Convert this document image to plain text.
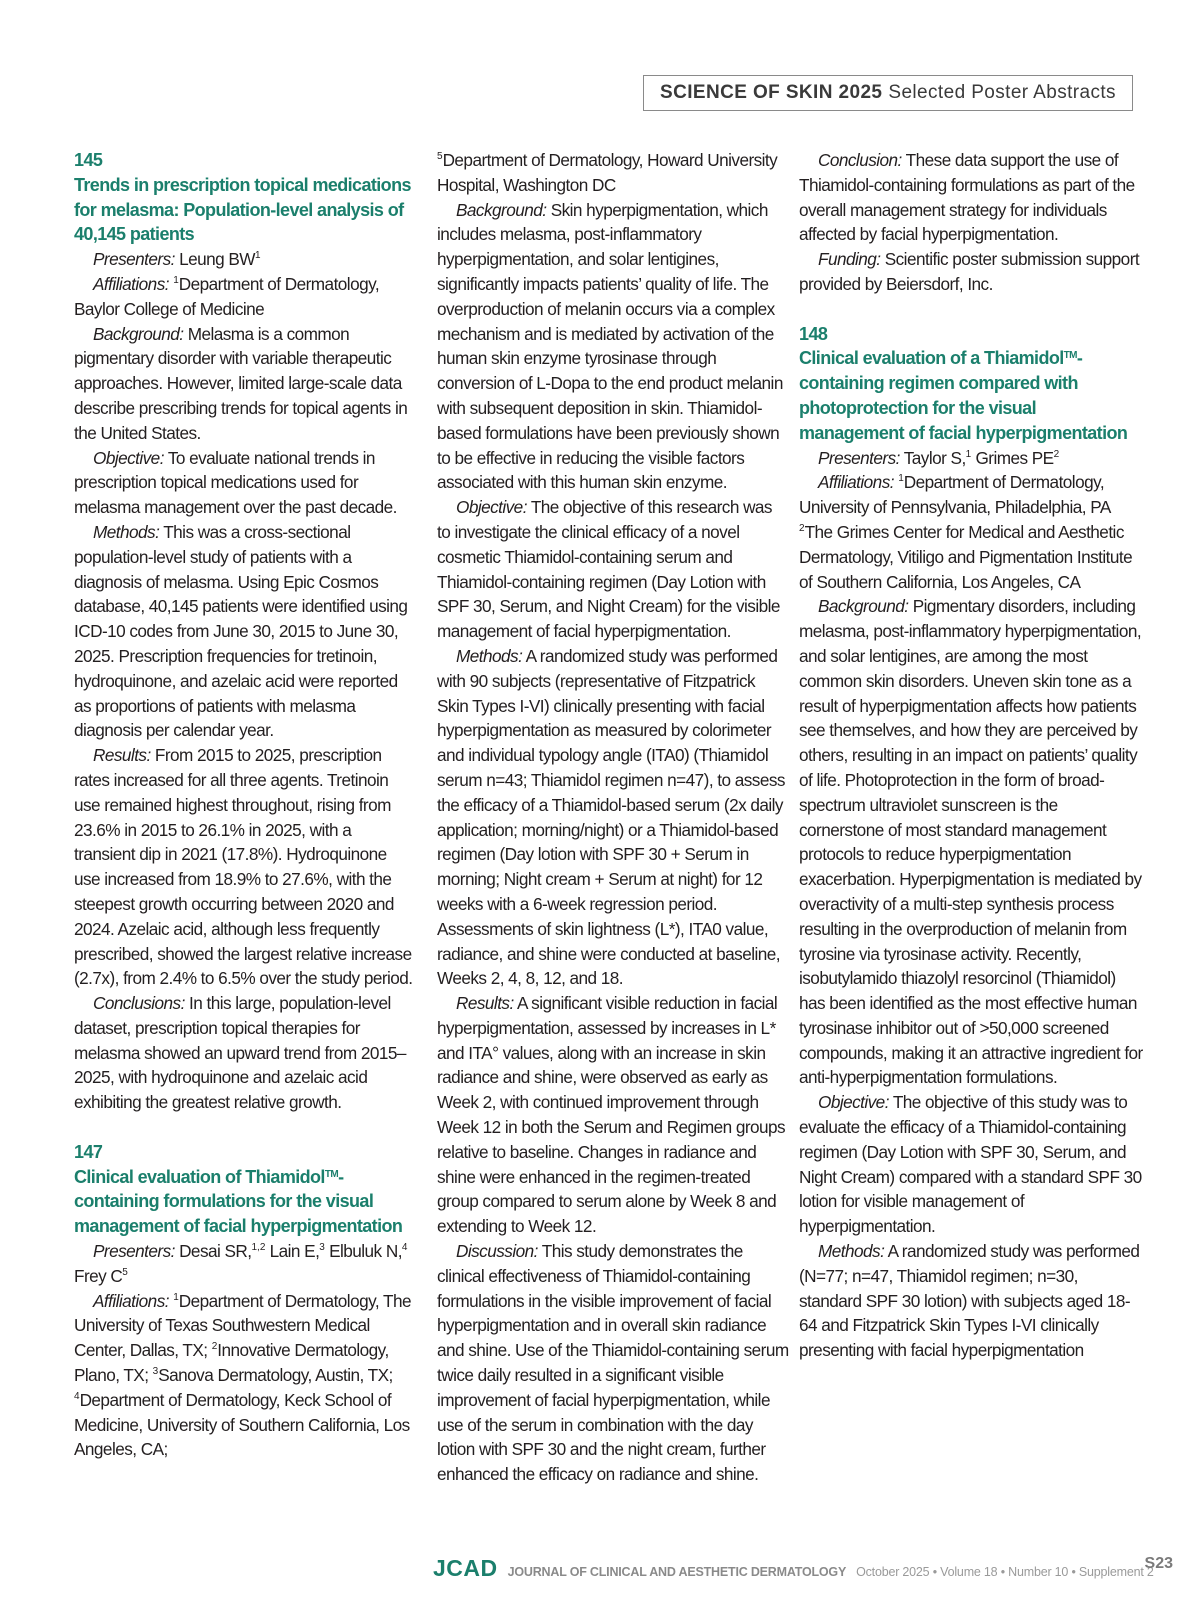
SCIENCE OF SKIN 2025 Selected Poster Abstracts

145

Trends in prescription topical medications for melasma: Population-level analysis of 40,145 patients

Presenters: Leung BW$^1$

Affiliations: $^1$Department of Dermatology, Baylor College of Medicine

Background: Melasma is a common pigmentary disorder with variable therapeutic approaches. However, limited large-scale data describe prescribing trends for topical agents in the United States.

Objective: To evaluate national trends in prescription topical medications used for melasma management over the past decade.

Methods: This was a cross-sectional population-level study of patients with a diagnosis of melasma. Using Epic Cosmos database, 40,145 patients were identified using ICD-10 codes from June 30, 2015 to June 30, 2025. Prescription frequencies for tretinoin, hydroquinone, and azelaic acid were reported as proportions of patients with melasma diagnosis per calendar year.

Results: From 2015 to 2025, prescription rates increased for all three agents. Tretinoin use remained highest throughout, rising from 23.6% in 2015 to 26.1% in 2025, with a transient dip in 2021 (17.8%). Hydroquinone use increased from 18.9% to 27.6%, with the steepest growth occurring between 2020 and 2024. Azelaic acid, although less frequently prescribed, showed the largest relative increase (2.7x), from 2.4% to 6.5% over the study period.

Conclusions: In this large, population-level dataset, prescription topical therapies for melasma showed an upward trend from 2015–2025, with hydroquinone and azelaic acid exhibiting the greatest relative growth.

147

Clinical evaluation of Thiamidol™-containing formulations for the visual management of facial hyperpigmentation

Presenters: Desai SR,$^{1,2}$ Lain E,$^3$ Elbuluk N,$^4$ Frey C$^5$

Affiliations: $^1$Department of Dermatology, The University of Texas Southwestern Medical Center, Dallas, TX; $^2$Innovative Dermatology, Plano, TX; $^3$Sanova Dermatology, Austin, TX; $^4$Department of Dermatology, Keck School of Medicine, University of Southern California, Los Angeles, CA;

$^5$Department of Dermatology, Howard University Hospital, Washington DC

Background: Skin hyperpigmentation, which includes melasma, post-inflammatory hyperpigmentation, and solar lentigines, significantly impacts patients’ quality of life. The overproduction of melanin occurs via a complex mechanism and is mediated by activation of the human skin enzyme tyrosinase through conversion of L-Dopa to the end product melanin with subsequent deposition in skin. Thiamidol-based formulations have been previously shown to be effective in reducing the visible factors associated with this human skin enzyme.

Objective: The objective of this research was to investigate the clinical efficacy of a novel cosmetic Thiamidol-containing serum and Thiamidol-containing regimen (Day Lotion with SPF 30, Serum, and Night Cream) for the visible management of facial hyperpigmentation.

Methods: A randomized study was performed with 90 subjects (representative of Fitzpatrick Skin Types I-VI) clinically presenting with facial hyperpigmentation as measured by colorimeter and individual typology angle (ITA0) (Thiamidol serum n=43; Thiamidol regimen n=47), to assess the efficacy of a Thiamidol-based serum (2x daily application; morning/night) or a Thiamidol-based regimen (Day lotion with SPF 30 + Serum in morning; Night cream + Serum at night) for 12 weeks with a 6-week regression period. Assessments of skin lightness (L*), ITA0 value, radiance, and shine were conducted at baseline, Weeks 2, 4, 8, 12, and 18.

Results: A significant visible reduction in facial hyperpigmentation, assessed by increases in L* and ITA° values, along with an increase in skin radiance and shine, were observed as early as Week 2, with continued improvement through Week 12 in both the Serum and Regimen groups relative to baseline. Changes in radiance and shine were enhanced in the regimen-treated group compared to serum alone by Week 8 and extending to Week 12.

Discussion: This study demonstrates the clinical effectiveness of Thiamidol-containing formulations in the visible improvement of facial hyperpigmentation and in overall skin radiance and shine. Use of the Thiamidol-containing serum twice daily resulted in a significant visible improvement of facial hyperpigmentation, while use of the serum in combination with the day lotion with SPF 30 and the night cream, further enhanced the efficacy on radiance and shine.

Conclusion: These data support the use of Thiamidol-containing formulations as part of the overall management strategy for individuals affected by facial hyperpigmentation.

Funding: Scientific poster submission support provided by Beiersdorf, Inc.

148

Clinical evaluation of a Thiamidol™-containing regimen compared with photoprotection for the visual management of facial hyperpigmentation

Presenters: Taylor S,$^1$ Grimes PE$^2$

Affiliations: $^1$Department of Dermatology, University of Pennsylvania, Philadelphia, PA
$^2$The Grimes Center for Medical and Aesthetic Dermatology, Vitiligo and Pigmentation Institute of Southern California, Los Angeles, CA

Background: Pigmentary disorders, including melasma, post-inflammatory hyperpigmentation, and solar lentigines, are among the most common skin disorders. Uneven skin tone as a result of hyperpigmentation affects how patients see themselves, and how they are perceived by others, resulting in an impact on patients’ quality of life. Photoprotection in the form of broad-spectrum ultraviolet sunscreen is the cornerstone of most standard management protocols to reduce hyperpigmentation exacerbation. Hyperpigmentation is mediated by overactivity of a multi-step synthesis process resulting in the overproduction of melanin from tyrosine via tyrosinase activity. Recently, isobutylamido thiazolyl resorcinol (Thiamidol) has been identified as the most effective human tyrosinase inhibitor out of >50,000 screened compounds, making it an attractive ingredient for anti-hyperpigmentation formulations.

Objective: The objective of this study was to evaluate the efficacy of a Thiamidol-containing regimen (Day Lotion with SPF 30, Serum, and Night Cream) compared with a standard SPF 30 lotion for visible management of hyperpigmentation.

Methods: A randomized study was performed (N=77; n=47, Thiamidol regimen; n=30, standard SPF 30 lotion) with subjects aged 18-64 and Fitzpatrick Skin Types I-VI clinically presenting with facial hyperpigmentation

JCAD JOURNAL OF CLINICAL AND AESTHETIC DERMATOLOGY October 2025 • Volume 18 • Number 10 • Supplement 2
S23
